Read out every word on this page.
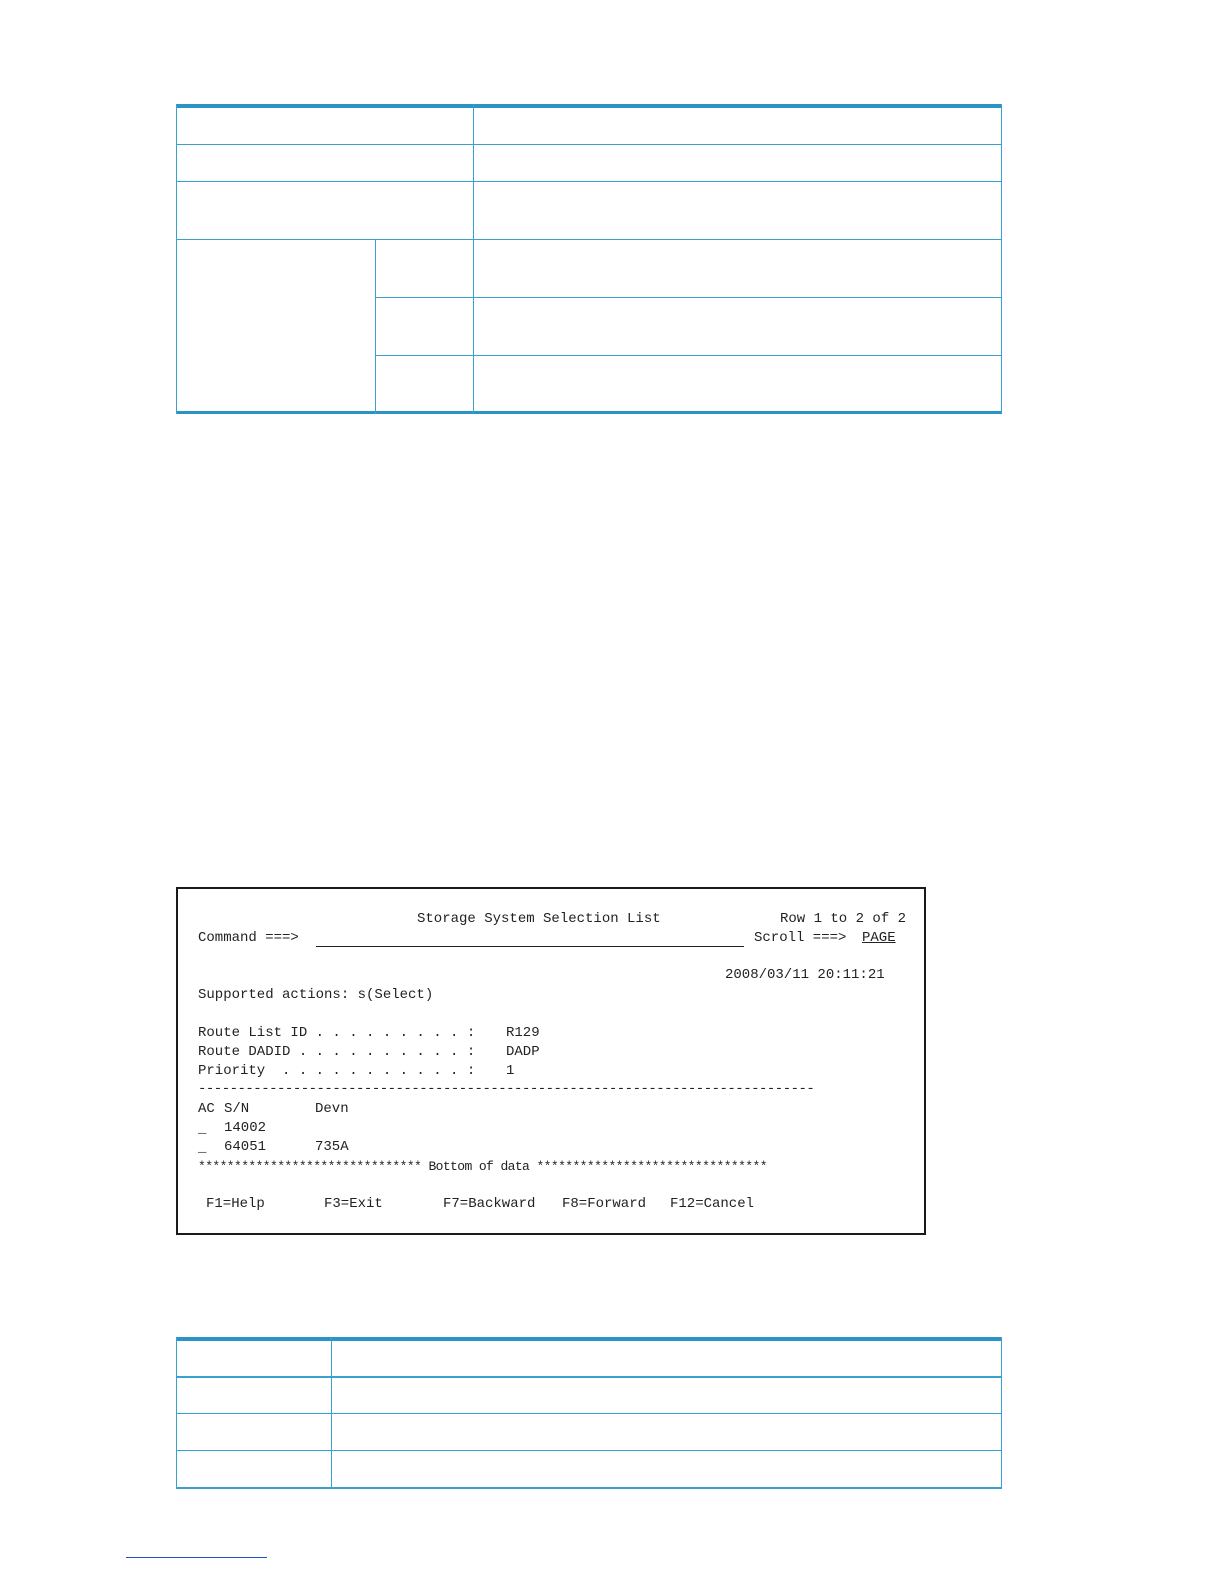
Storage System Selection List	Row 1 to 2 of 2
Command ===>	Scroll ===> PAGE
2008/03/11 20:11:21
Supported actions: s(Select)
Route List ID . . . . . . . . . : R129
Route DADID . . . . . . . . . . : DADP
Priority  . . . . . . . . . . . : 1
------------------------------------------------------------------------------
AC S/N	Devn
_ 14002
_ 64051	735A
******************************* Bottom of data ********************************
F1=Help	F3=Exit	F7=Backward F8=Forward F12=Cancel
